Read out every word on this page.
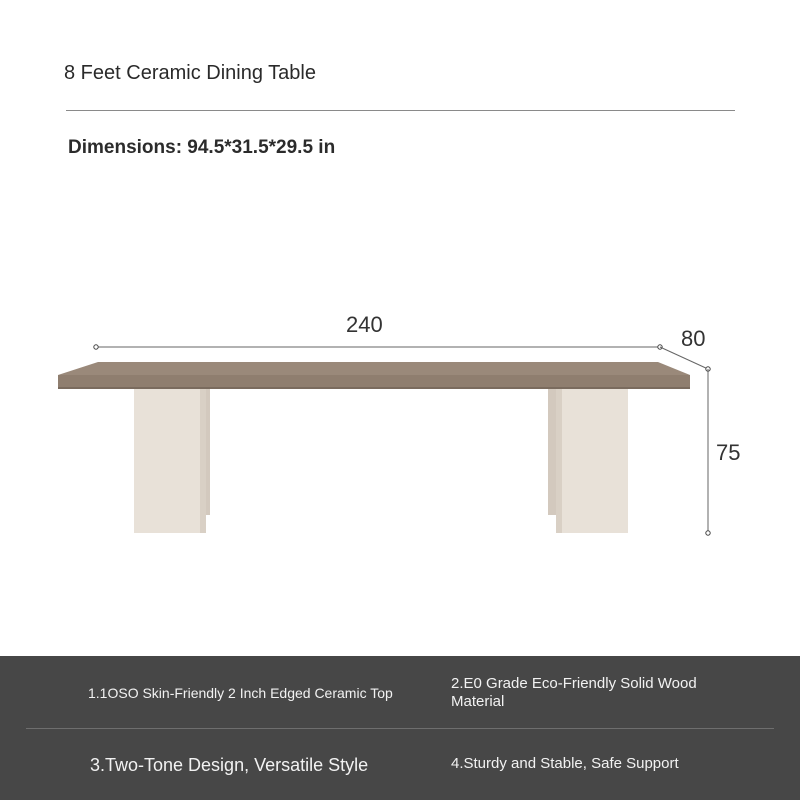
8 Feet Ceramic Dining Table
Dimensions: 94.5*31.5*29.5 in
240
80
75
1.1OSO Skin-Friendly 2 Inch Edged Ceramic Top
2.E0 Grade Eco-Friendly Solid Wood Material
3.Two-Tone Design, Versatile Style	4.Sturdy and Stable, Safe Support
